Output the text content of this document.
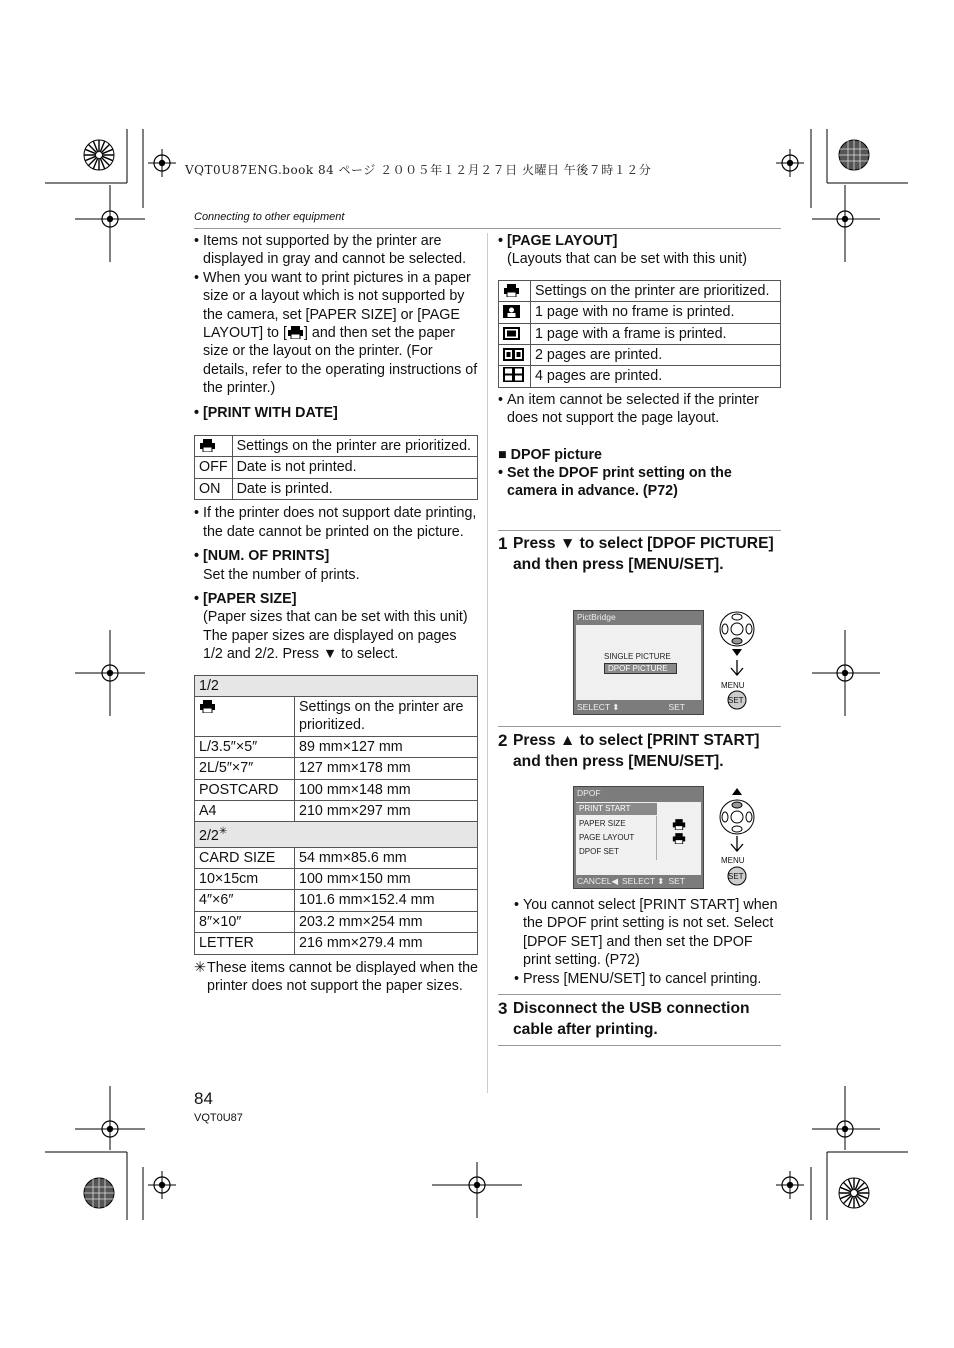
VQT0U87ENG.book 84 ページ ２００５年１２月２７日 火曜日 午後７時１２分
Connecting to other equipment

• Items not supported by the printer are displayed in gray and cannot be selected.

• When you want to print pictures in a paper size or a layout which is not supported by the camera, set [PAPER SIZE] or [PAGE LAYOUT] to [ ] and then set the paper size or the layout on the printer. (For details, refer to the operating instructions of the printer.)

• [PRINT WITH DATE]

	Settings on the printer are prioritized.
OFF	Date is not printed.
ON	Date is printed.

• If the printer does not support date printing, the date cannot be printed on the picture.

• [NUM. OF PRINTS]

Set the number of prints.

• [PAPER SIZE]

(Paper sizes that can be set with this unit)

The paper sizes are displayed on pages 1/2 and 2/2. Press ▼ to select.

1/2	
	Settings on the printer are prioritized.
L/3.5″×5″	89 mm×127 mm
2L/5″×7″	127 mm×178 mm
POSTCARD	100 mm×148 mm
A4	210 mm×297 mm
2/2✳
CARD SIZE	54 mm×85.6 mm
10×15cm	100 mm×150 mm
4″×6″	101.6 mm×152.4 mm
8″×10″	203.2 mm×254 mm
LETTER	216 mm×279.4 mm

✳ These items cannot be displayed when the printer does not support the paper sizes.

• [PAGE LAYOUT]

(Layouts that can be set with this unit)

	Settings on the printer are prioritized.
	1 page with no frame is printed.
	1 page with a frame is printed.
	2 pages are printed.
	4 pages are printed.

• An item cannot be selected if the printer does not support the page layout.

■ DPOF picture

• Set the DPOF print setting on the camera in advance. (P72)

1 Press ▼ to select [DPOF PICTURE] and then press [MENU/SET].
PictBridge
SINGLE PICTURE
DPOF PICTURE
SELECT ⬍	SET
MENU
SET
2 Press ▲ to select [PRINT START] and then press [MENU/SET].
DPOF
PRINT START
PAPER SIZE
PAGE LAYOUT
DPOF SET
CANCEL◀ SELECT ⬍ SET
MENU
SET

• You cannot select [PRINT START] when the DPOF print setting is not set. Select [DPOF SET] and then set the DPOF print setting. (P72)

• Press [MENU/SET] to cancel printing.

3 Disconnect the USB connection cable after printing.
84
VQT0U87
